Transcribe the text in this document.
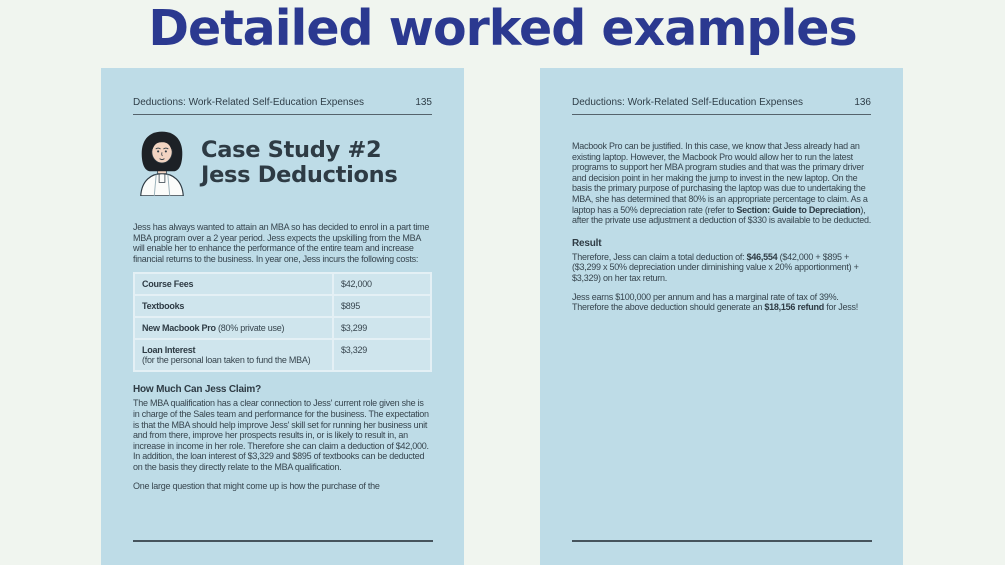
Detailed worked examples
Deductions: Work-Related Self-Education Expenses	135
Case Study #2
Jess Deductions

Jess has always wanted to attain an MBA so has decided to enrol in a part time MBA program over a 2 year period. Jess expects the upskilling from the MBA will enable her to enhance the performance of the entire team and increase financial returns to the business. In year one, Jess incurs the following costs:

Course Fees	$42,000
Textbooks	$895
New Macbook Pro (80% private use)	$3,299
Loan Interest
(for the personal loan taken to fund the MBA)	$3,329
How Much Can Jess Claim?

The MBA qualification has a clear connection to Jess' current role given she is in charge of the Sales team and performance for the business. The expectation is that the MBA should help improve Jess' skill set for running her business unit and from there, improve her prospects results in, or is likely to result in, an increase in income in her role. Therefore she can claim a deduction of $42,000. In addition, the loan interest of $3,329 and $895 of textbooks can be deducted on the basis they directly relate to the MBA qualification.

One large question that might come up is how the purchase of the

Deductions: Work-Related Self-Education Expenses	136

Macbook Pro can be justified. In this case, we know that Jess already had an existing laptop. However, the Macbook Pro would allow her to run the latest programs to support her MBA program studies and that was the primary driver and decision point in her making the jump to invest in the new laptop. On the basis the primary purpose of purchasing the laptop was due to undertaking the MBA, she has determined that 80% is an appropriate percentage to claim. As a laptop has a 50% depreciation rate (refer to Section: Guide to Depreciation), after the private use adjustment a deduction of $330 is available to be deducted.

Result

Therefore, Jess can claim a total deduction of: $46,554 ($42,000 + $895 + ($3,299 x 50% depreciation under diminishing value x 20% apportionment) + $3,329) on her tax return.

Jess earns $100,000 per annum and has a marginal rate of tax of 39%. Therefore the above deduction should generate an $18,156 refund for Jess!
